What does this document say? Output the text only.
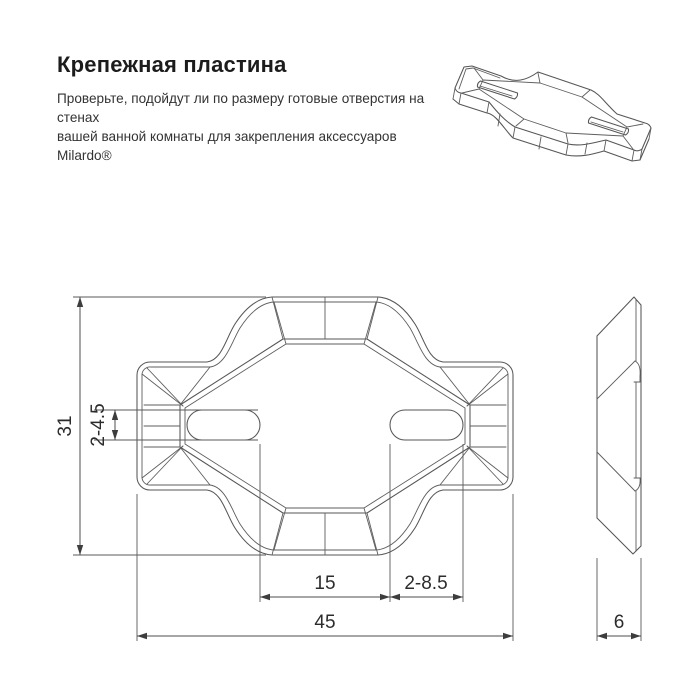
Крепежная пластина

Проверьте, подойдут ли по размеру готовые отверстия на стенах
вашей ванной комнаты для закрепления аксессуаров Milardo®

31 2-4.5
15	2-8.5
45	6
